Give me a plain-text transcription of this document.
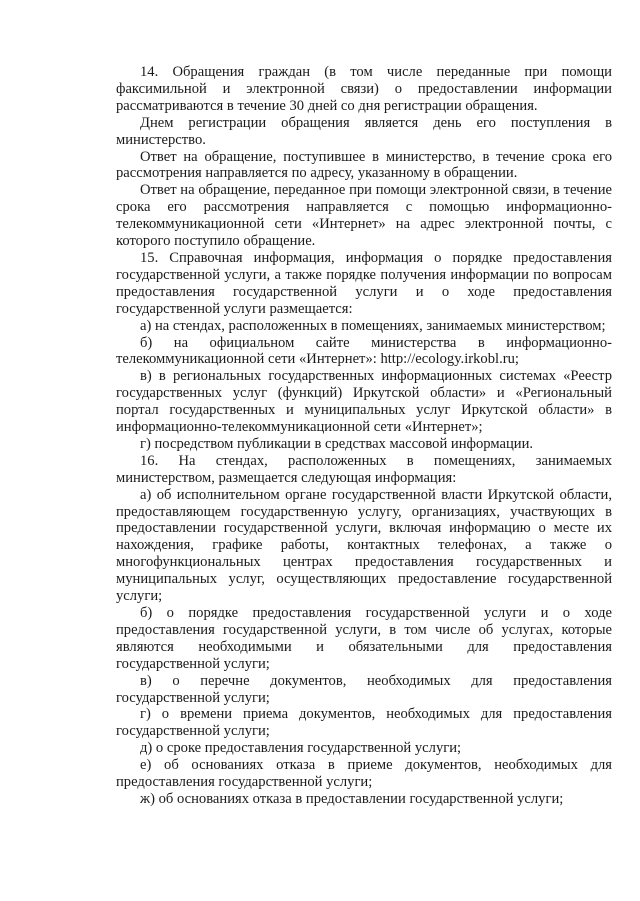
14. Обращения граждан (в том числе переданные при помощи факсимильной и электронной связи) о предоставлении информации рассматриваются в течение 30 дней со дня регистрации обращения.

Днем регистрации обращения является день его поступления в министерство.

Ответ на обращение, поступившее в министерство, в течение срока его рассмотрения направляется по адресу, указанному в обращении.

Ответ на обращение, переданное при помощи электронной связи, в течение срока его рассмотрения направляется с помощью информационно-телекоммуникационной сети «Интернет» на адрес электронной почты, с которого поступило обращение.

15. Справочная информация, информация о порядке предоставления государственной услуги, а также порядке получения информации по вопросам предоставления государственной услуги и о ходе предоставления государственной услуги размещается:

а) на стендах, расположенных в помещениях, занимаемых министерством;

б) на официальном сайте министерства в информационно-телекоммуникационной сети «Интернет»: http://ecology.irkobl.ru;

в) в региональных государственных информационных системах «Реестр государственных услуг (функций) Иркутской области» и «Региональный портал государственных и муниципальных услуг Иркутской области» в информационно-телекоммуникационной сети «Интернет»;

г) посредством публикации в средствах массовой информации.

16. На стендах, расположенных в помещениях, занимаемых министерством, размещается следующая информация:

а) об исполнительном органе государственной власти Иркутской области, предоставляющем государственную услугу, организациях, участвующих в предоставлении государственной услуги, включая информацию о месте их нахождения, графике работы, контактных телефонах, а также о многофункциональных центрах предоставления государственных и муниципальных услуг, осуществляющих предоставление государственной услуги;

б) о порядке предоставления государственной услуги и о ходе предоставления государственной услуги, в том числе об услугах, которые являются необходимыми и обязательными для предоставления государственной услуги;

в) о перечне документов, необходимых для предоставления государственной услуги;

г) о времени приема документов, необходимых для предоставления государственной услуги;

д) о сроке предоставления государственной услуги;

е) об основаниях отказа в приеме документов, необходимых для предоставления государственной услуги;

ж) об основаниях отказа в предоставлении государственной услуги;
